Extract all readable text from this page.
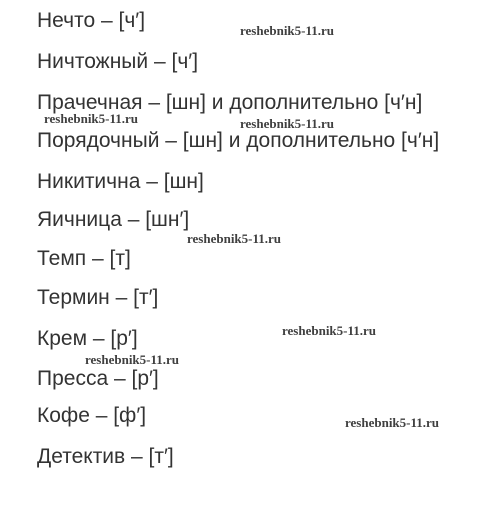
Нечто – [ч′]

Ничтожный – [ч′]

Прачечная – [шн] и дополнительно [ч′н]

Порядочный – [шн] и дополнительно [ч′н]

Никитична – [шн]

Яичница – [шн′]

Темп – [т]

Термин – [т′]

Крем – [р′]

Пресса – [р′]

Кофе – [ф′]

Детектив – [т′]

reshebnik5-11.ru
reshebnik5-11.ru	reshebnik5-11.ru
reshebnik5-11.ru
reshebnik5-11.ru
reshebnik5-11.ru
reshebnik5-11.ru
